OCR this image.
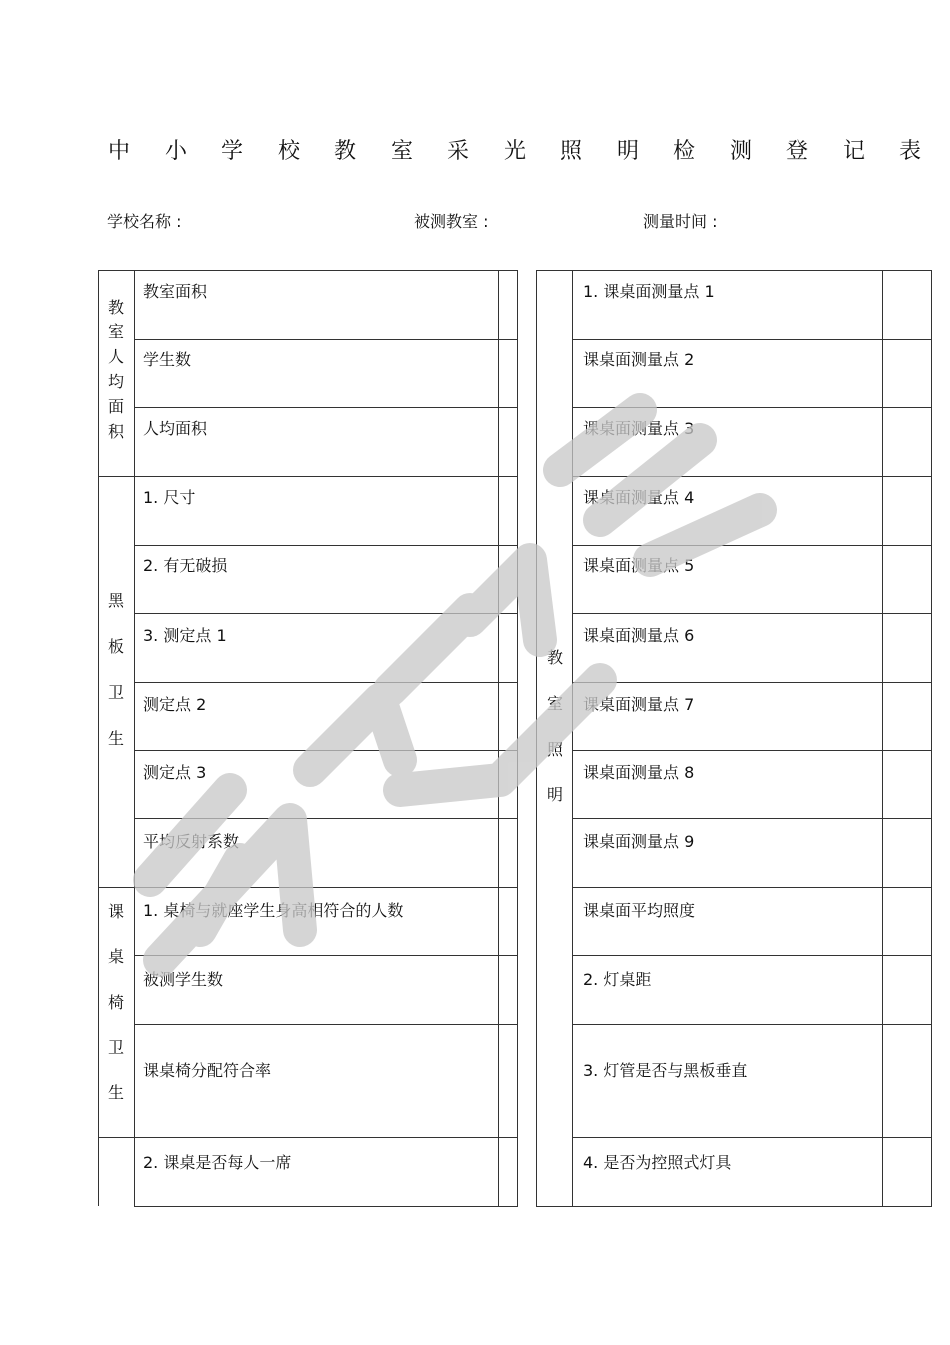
中 小 学 校 教 室 采 光 照 明 检 测 登 记 表
学校名称 :	被测教室 :	测量时间 :
教
室
人
均
面
积
黑
板
卫
生
课
桌
椅
卫
生
教室面积
学生数
人均面积
1. 尺寸
2. 有无破损
3. 测定点 1
测定点 2
测定点 3
平均反射系数
1. 桌椅与就座学生身高相符合的人数
被测学生数
课桌椅分配符合率
2. 课桌是否每人一席
教
室
照
明
1. 课桌面测量点 1
课桌面测量点 2
课桌面测量点 3
课桌面测量点 4
课桌面测量点 5
课桌面测量点 6
课桌面测量点 7
课桌面测量点 8
课桌面测量点 9
课桌面平均照度
2. 灯桌距
3. 灯管是否与黑板垂直
4. 是否为控照式灯具
